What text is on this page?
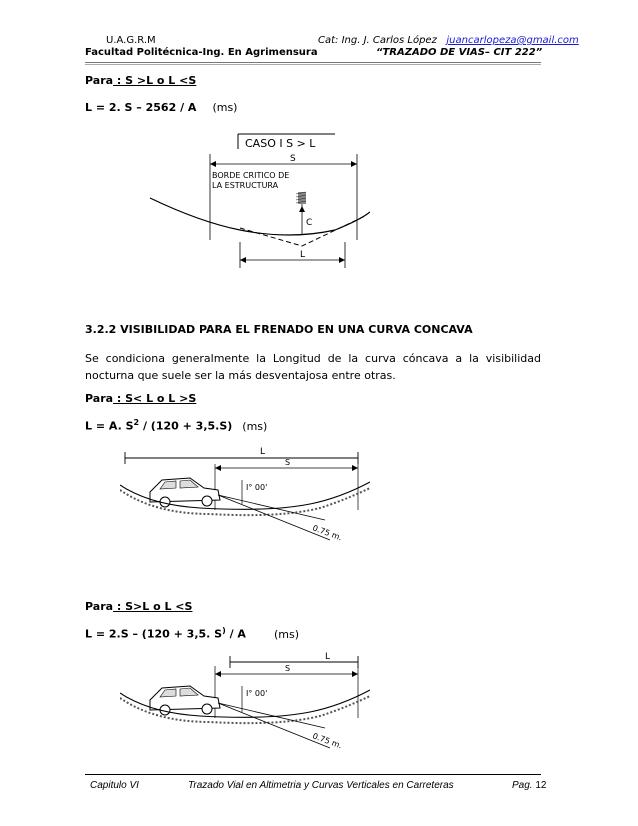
U.A.G.R.M
Facultad Politécnica-Ing. En Agrimensura
Cat: Ing. J. Carlos López juancarlopeza@gmail.com
“TRAZADO DE VIAS– CIT 222”
Para : S >L o L <S
L = 2. S – 2562 / A (ms)
CASO I S > L
S
BORDE CRITICO DE
LA ESTRUCTURA
C
L
3.2.2 VISIBILIDAD PARA EL FRENADO EN UNA CURVA CONCAVA
Se condiciona generalmente la Longitud de la curva cóncava a la visibilidad nocturna que suele ser la más desventajosa entre otras.
Para : S< L o L >S
L = A. $S^2 / (120 + 3,5.S)$ (ms)
L
S
I° 00'
0.75 m.
Para : S>L o L <S
L = 2.S – (120 + 3,5. S) / A	(ms)
L
S
I° 00'
0.75 m.
Capitulo VI	Trazado Vial en Altimetria y Curvas Verticales en Carreteras	Pag. 12
